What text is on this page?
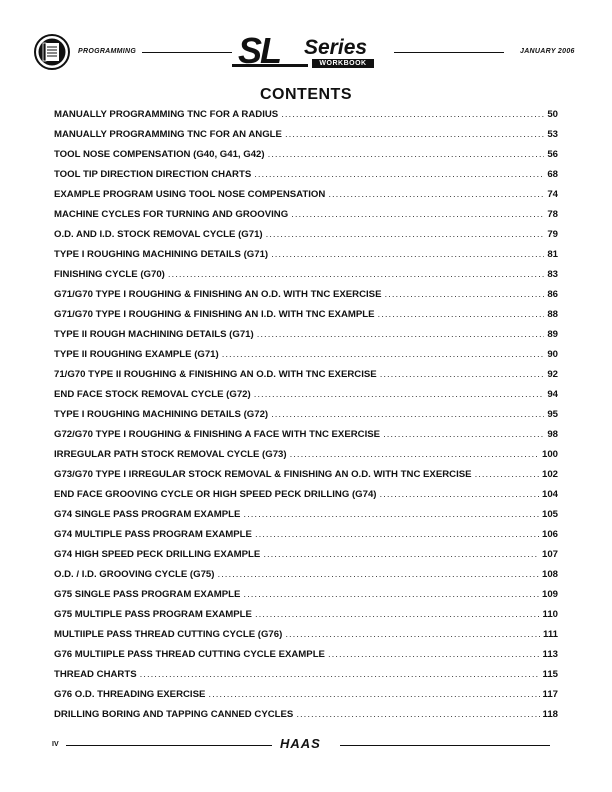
PROGRAMMING	SL Series
WORKBOOK
JANUARY 2006
CONTENTS
MANUALLY PROGRAMMING TNC FOR A RADIUS .....	50
MANUALLY PROGRAMMING TNC FOR AN ANGLE .....	53
TOOL NOSE COMPENSATION (G40, G41, G42) .....	56
TOOL TIP DIRECTION DIRECTION CHARTS .....	68
EXAMPLE PROGRAM USING TOOL NOSE COMPENSATION .....	74
MACHINE CYCLES FOR TURNING AND GROOVING .....	78
O.D. AND I.D. STOCK REMOVAL CYCLE (G71) .....	79
TYPE I ROUGHING MACHINING DETAILS (G71) .....	81
FINISHING CYCLE (G70) .....	83
G71/G70 TYPE I ROUGHING & FINISHING AN O.D. WITH TNC EXERCISE .....	86
G71/G70 TYPE I ROUGHING & FINISHING AN I.D. WITH TNC EXAMPLE .....	88
TYPE II ROUGH MACHINING DETAILS (G71) .....	89
TYPE II ROUGHING EXAMPLE (G71) .....	90
71/G70 TYPE II ROUGHING & FINISHING AN O.D. WITH TNC EXERCISE .....	92
END FACE STOCK REMOVAL CYCLE (G72) .....	94
TYPE I ROUGHING MACHINING DETAILS (G72) .....	95
G72/G70 TYPE I ROUGHING & FINISHING A FACE WITH TNC EXERCISE .....	98
IRREGULAR PATH STOCK REMOVAL CYCLE (G73) .....	100
G73/G70 TYPE I IRREGULAR STOCK REMOVAL & FINISHING AN O.D. WITH TNC EXERCISE .....	102
END FACE GROOVING CYCLE OR HIGH SPEED PECK DRILLING (G74) .....	104
G74 SINGLE PASS PROGRAM EXAMPLE .....	105
G74 MULTIPLE PASS PROGRAM EXAMPLE .....	106
G74 HIGH SPEED PECK DRILLING EXAMPLE .....	107
O.D. / I.D. GROOVING CYCLE (G75) .....	108
G75 SINGLE PASS PROGRAM EXAMPLE .....	109
G75 MULTIPLE PASS PROGRAM EXAMPLE .....	110
MULTIIPLE PASS THREAD CUTTING CYCLE (G76) .....	111
G76 MULTIIPLE PASS THREAD CUTTING CYCLE EXAMPLE .....	113
THREAD CHARTS .....	115
G76 O.D. THREADING EXERCISE .....	117
DRILLING BORING AND TAPPING CANNED CYCLES .....	118
IV	HAAS
